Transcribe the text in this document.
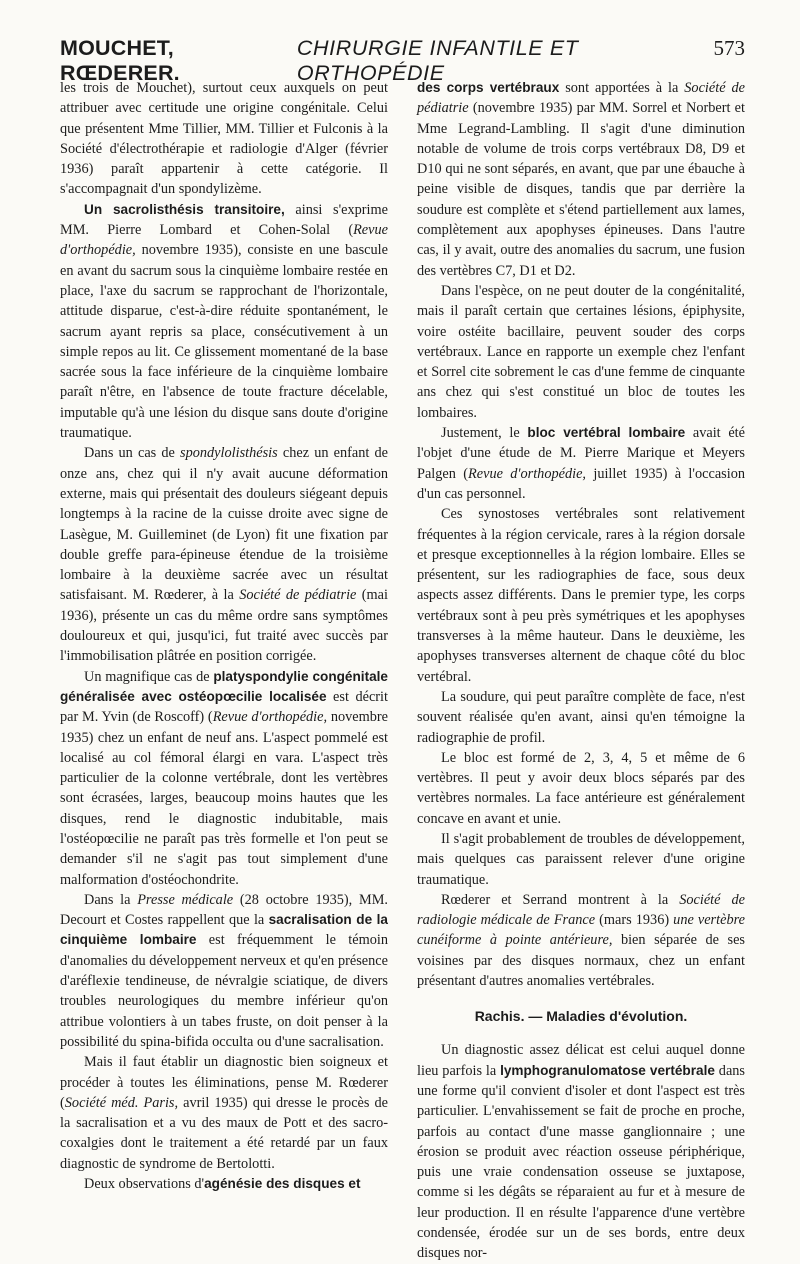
MOUCHET, RŒDERER.
CHIRURGIE INFANTILE ET ORTHOPÉDIE
573

les trois de Mouchet), surtout ceux auxquels on peut attribuer avec certitude une origine congénitale. Celui que présentent Mme Tillier, MM. Tillier et Fulconis à la Société d'électrothérapie et radiologie d'Alger (février 1936) paraît appartenir à cette catégorie. Il s'accompagnait d'un spondylizème.

Un sacrolisthésis transitoire, ainsi s'exprime MM. Pierre Lombard et Cohen-Solal (Revue d'orthopédie, novembre 1935), consiste en une bascule en avant du sacrum sous la cinquième lombaire restée en place, l'axe du sacrum se rapprochant de l'horizontale, attitude disparue, c'est-à-dire réduite spontanément, le sacrum ayant repris sa place, consécutivement à un simple repos au lit. Ce glissement momentané de la base sacrée sous la face inférieure de la cinquième lombaire paraît n'être, en l'absence de toute fracture décelable, imputable qu'à une lésion du disque sans doute d'origine traumatique.

Dans un cas de spondylolisthésis chez un enfant de onze ans, chez qui il n'y avait aucune déformation externe, mais qui présentait des douleurs siégeant depuis longtemps à la racine de la cuisse droite avec signe de Lasègue, M. Guilleminet (de Lyon) fit une fixation par double greffe para-épineuse étendue de la troisième lombaire à la deuxième sacrée avec un résultat satisfaisant. M. Rœderer, à la Société de pédiatrie (mai 1936), présente un cas du même ordre sans symptômes douloureux et qui, jusqu'ici, fut traité avec succès par l'immobilisation plâtrée en position corrigée.

Un magnifique cas de platyspondylie congénitale généralisée avec ostéopœcilie localisée est décrit par M. Yvin (de Roscoff) (Revue d'orthopédie, novembre 1935) chez un enfant de neuf ans. L'aspect pommelé est localisé au col fémoral élargi en vara. L'aspect très particulier de la colonne vertébrale, dont les vertèbres sont écrasées, larges, beaucoup moins hautes que les disques, rend le diagnostic indubitable, mais l'ostéopœcilie ne paraît pas très formelle et l'on peut se demander s'il ne s'agit pas tout simplement d'une malformation d'ostéochondrite.

Dans la Presse médicale (28 octobre 1935), MM. Decourt et Costes rappellent que la sacralisation de la cinquième lombaire est fréquemment le témoin d'anomalies du développement nerveux et qu'en présence d'aréflexie tendineuse, de névralgie sciatique, de divers troubles neurologiques du membre inférieur qu'on attribue volontiers à un tabes fruste, on doit penser à la possibilité du spina-bifida occulta ou d'une sacralisation.

Mais il faut établir un diagnostic bien soigneux et procéder à toutes les éliminations, pense M. Rœderer (Société méd. Paris, avril 1935) qui dresse le procès de la sacralisation et a vu des maux de Pott et des sacro-coxalgies dont le traitement a été retardé par un faux diagnostic de syndrome de Bertolotti.

Deux observations d'agénésie des disques et

des corps vertébraux sont apportées à la Société de pédiatrie (novembre 1935) par MM. Sorrel et Norbert et Mme Legrand-Lambling. Il s'agit d'une diminution notable de volume de trois corps vertébraux D8, D9 et D10 qui ne sont séparés, en avant, que par une ébauche à peine visible de disques, tandis que par derrière la soudure est complète et s'étend partiellement aux lames, complètement aux apophyses épineuses. Dans l'autre cas, il y avait, outre des anomalies du sacrum, une fusion des vertèbres C7, D1 et D2.

Dans l'espèce, on ne peut douter de la congénitalité, mais il paraît certain que certaines lésions, épiphysite, voire ostéite bacillaire, peuvent souder des corps vertébraux. Lance en rapporte un exemple chez l'enfant et Sorrel cite sobrement le cas d'une femme de cinquante ans chez qui s'est constitué un bloc de toutes les lombaires.

Justement, le bloc vertébral lombaire avait été l'objet d'une étude de M. Pierre Marique et Meyers Palgen (Revue d'orthopédie, juillet 1935) à l'occasion d'un cas personnel.

Ces synostoses vertébrales sont relativement fréquentes à la région cervicale, rares à la région dorsale et presque exceptionnelles à la région lombaire. Elles se présentent, sur les radiographies de face, sous deux aspects assez différents. Dans le premier type, les corps vertébraux sont à peu près symétriques et les apophyses transverses à la même hauteur. Dans le deuxième, les apophyses transverses alternent de chaque côté du bloc vertébral.

La soudure, qui peut paraître complète de face, n'est souvent réalisée qu'en avant, ainsi qu'en témoigne la radiographie de profil.

Le bloc est formé de 2, 3, 4, 5 et même de 6 vertèbres. Il peut y avoir deux blocs séparés par des vertèbres normales. La face antérieure est généralement concave en avant et unie.

Il s'agit probablement de troubles de développement, mais quelques cas paraissent relever d'une origine traumatique.

Rœderer et Serrand montrent à la Société de radiologie médicale de France (mars 1936) une vertèbre cunéiforme à pointe antérieure, bien séparée de ses voisines par des disques normaux, chez un enfant présentant d'autres anomalies vertébrales.

Rachis. — Maladies d'évolution.

Un diagnostic assez délicat est celui auquel donne lieu parfois la lymphogranulomatose vertébrale dans une forme qu'il convient d'isoler et dont l'aspect est très particulier. L'envahissement se fait de proche en proche, parfois au contact d'une masse ganglionnaire ; une érosion se produit avec réaction osseuse périphérique, puis une vraie condensation osseuse se juxtapose, comme si les dégâts se réparaient au fur et à mesure de leur production. Il en résulte l'apparence d'une vertèbre condensée, érodée sur un de ses bords, entre deux disques nor-
